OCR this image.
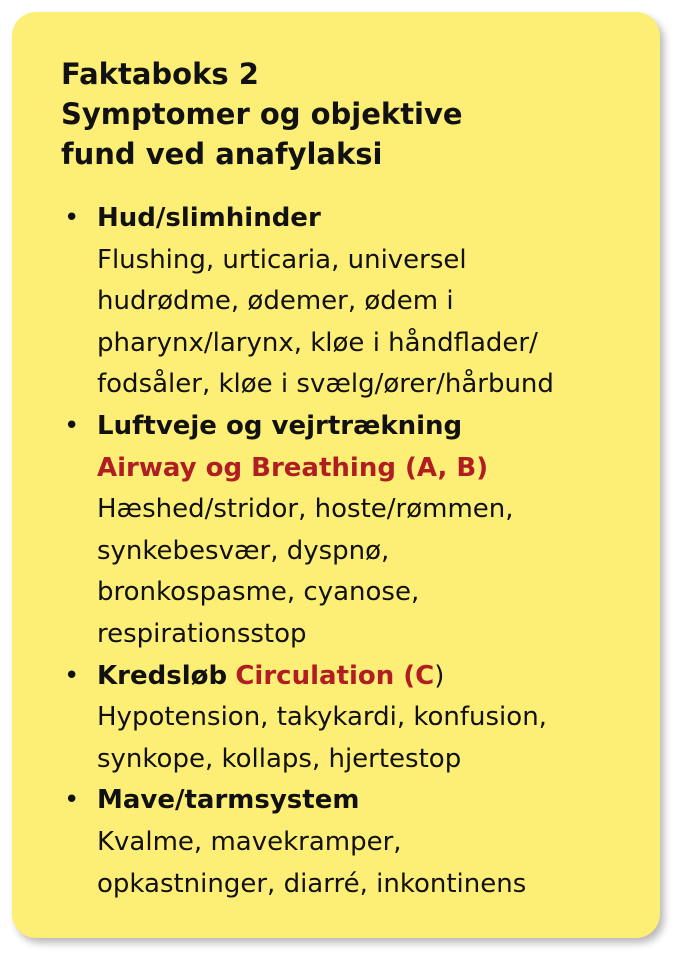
Faktaboks 2
Symptomer og objektive
fund ved anafylaksi
• Hud/slimhinder
Flushing, urticaria, universel
hudrødme, ødemer, ødem i
pharynx/larynx, kløe i håndflader/
fodsåler, kløe i svælg/ører/hårbund
• Luftveje og vejrtrækning
Airway og Breathing (A, B)
Hæshed/stridor, hoste/rømmen,
synkebesvær, dyspnø,
bronkospasme, cyanose,
respirationsstop
• Kredsløb Circulation (C)
Hypotension, takykardi, konfusion,
synkope, kollaps, hjertestop
• Mave/tarmsystem
Kvalme, mavekramper,
opkastninger, diarré, inkontinens
